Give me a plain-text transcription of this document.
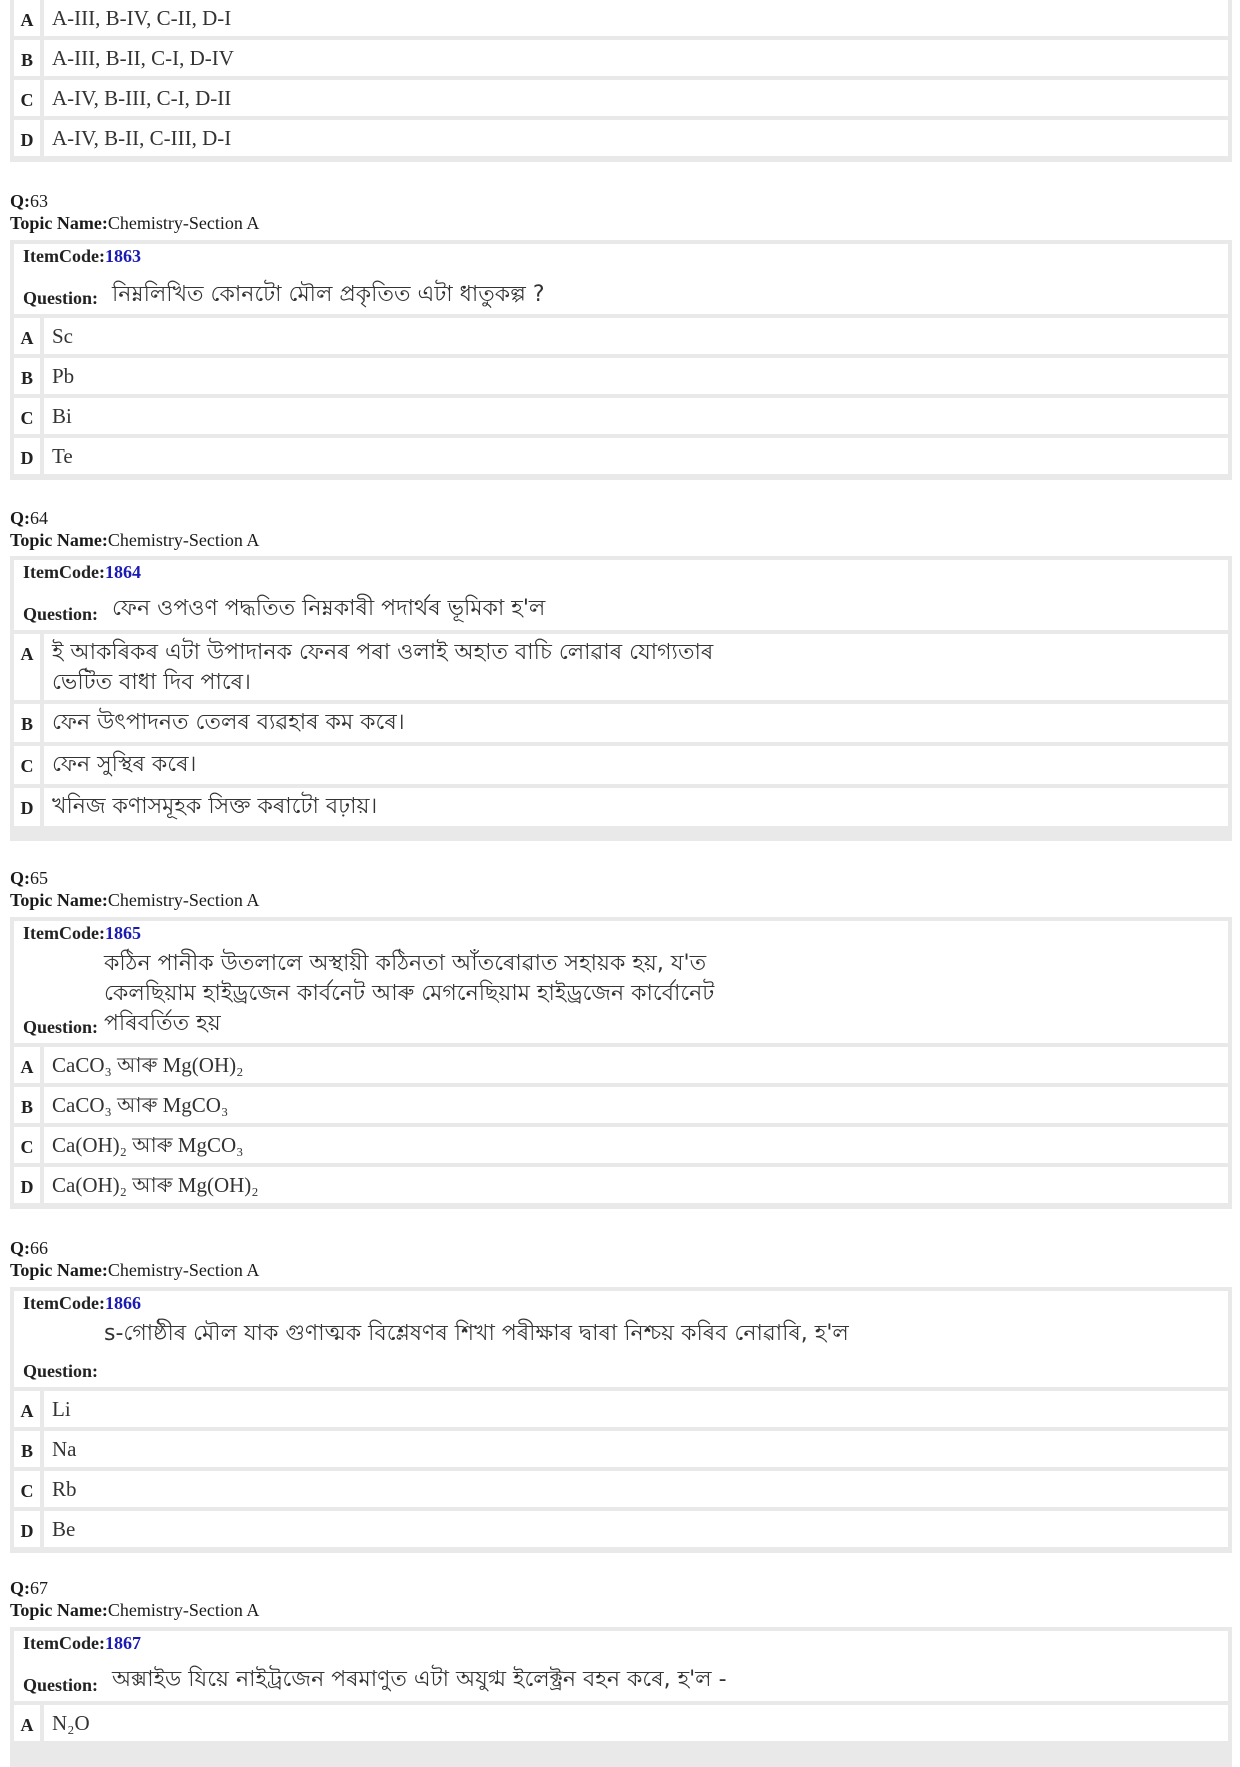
A A-III, B-IV, C-II, D-I
B A-III, B-II, C-I, D-IV
C A-IV, B-III, C-I, D-II
D A-IV, B-II, C-III, D-I
Q:63
Topic Name:Chemistry-Section A
ItemCode:1863
Question: নিম্নলিখিত কোনটো মৌল প্ৰকৃতিত এটা ধাতুকল্প ?
A Sc
B Pb
C Bi
D Te
Q:64
Topic Name:Chemistry-Section A
ItemCode:1864
Question: ফেন ওপওণ পদ্ধতিত নিম্নকাৰী পদাৰ্থৰ ভূমিকা হ'ল
A ই আকৰিকৰ এটা উপাদানক ফেনৰ পৰা ওলাই অহাত বাচি লোৱাৰ যোগ্যতাৰ ভেটিত বাধা দিব পাৰে।
B ফেন উৎপাদনত তেলৰ ব্যৱহাৰ কম কৰে।
C ফেন সুস্থিৰ কৰে।
D খনিজ কণাসমূহক সিক্ত কৰাটো বঢ়ায়।
Q:65
Topic Name:Chemistry-Section A
ItemCode:1865
Question:
কঠিন পানীক উতলালে অস্থায়ী কঠিনতা আঁতৰোৱাত সহায়ক হয়, য'ত কেলছিয়াম হাইড্ৰজেন কাৰ্বনেট আৰু মেগনেছিয়াম হাইড্ৰজেন কাৰ্বোনেট পৰিবৰ্তিত হয়
A CaCO₃ আৰু Mg(OH)₂
B CaCO₃ আৰু MgCO₃
C Ca(OH)₂ আৰু MgCO₃
D Ca(OH)₂ আৰু Mg(OH)₂
Q:66
Topic Name:Chemistry-Section A
ItemCode:1866
Question:
s-গোষ্ঠীৰ মৌল যাক গুণাত্মক বিশ্লেষণৰ শিখা পৰীক্ষাৰ দ্বাৰা নিশ্চয় কৰিব নোৱাৰি, হ'ল
A Li
B Na
C Rb
D Be
Q:67
Topic Name:Chemistry-Section A
ItemCode:1867
Question: অক্সাইড যিয়ে নাইট্ৰজেন পৰমাণুত এটা অযুগ্ম ইলেক্ট্ৰন বহন কৰে, হ'ল -
A N₂O
